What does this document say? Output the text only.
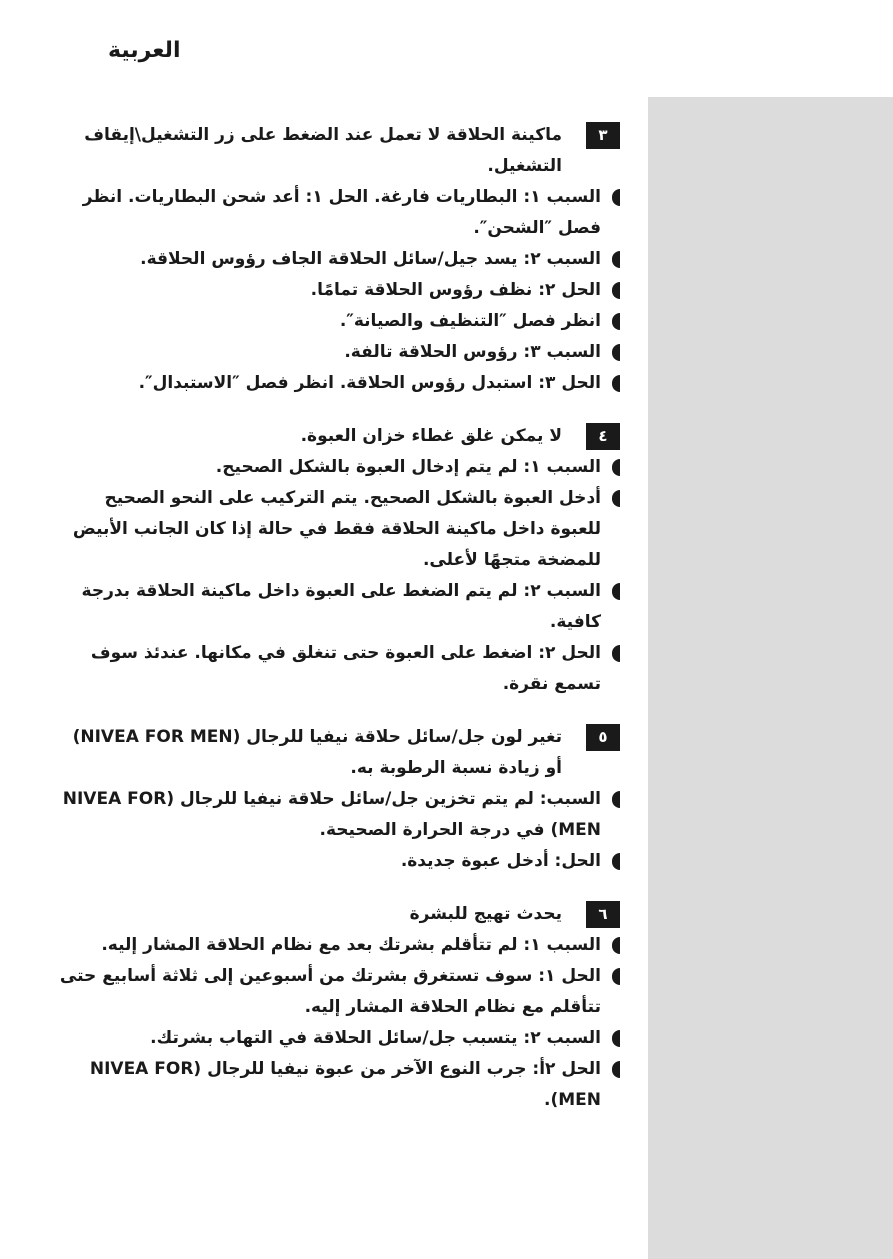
العربية
٣
ماكينة الحلاقة لا تعمل عند الضغط على زر التشغيل\إيقاف التشغيل.
السبب ١: البطاريات فارغة. الحل ١: أعد شحن البطاريات. انظر فصل ″الشحن″.
السبب ٢: يسد جيل/سائل الحلاقة الجاف رؤوس الحلاقة.
الحل ٢: نظف رؤوس الحلاقة تمامًا.
انظر فصل ″التنظيف والصيانة″.
السبب ٣: رؤوس الحلاقة تالفة.
الحل ٣: استبدل رؤوس الحلاقة. انظر فصل ″الاستبدال″.
٤
لا يمكن غلق غطاء خزان العبوة.
السبب ١: لم يتم إدخال العبوة بالشكل الصحيح.
أدخل العبوة بالشكل الصحيح. يتم التركيب على النحو الصحيح للعبوة داخل ماكينة الحلاقة فقط في حالة إذا كان الجانب الأبيض للمضخة متجهًا لأعلى.
السبب ٢: لم يتم الضغط على العبوة داخل ماكينة الحلاقة بدرجة كافية.
الحل ٢: اضغط على العبوة حتى تنغلق في مكانها. عندئذ سوف تسمع نقرة.
٥
تغير لون جل/سائل حلاقة نيفيا للرجال (NIVEA FOR MEN) أو زيادة نسبة الرطوبة به.
السبب: لم يتم تخزين جل/سائل حلاقة نيفيا للرجال (NIVEA FOR MEN) في درجة الحرارة الصحيحة.
الحل: أدخل عبوة جديدة.
٦
يحدث تهيج للبشرة
السبب ١: لم تتأقلم بشرتك بعد مع نظام الحلاقة المشار إليه.
الحل ١: سوف تستغرق بشرتك من أسبوعين إلى ثلاثة أسابيع حتى تتأقلم مع نظام الحلاقة المشار إليه.
السبب ٢: يتسبب جل/سائل الحلاقة في التهاب بشرتك.
الحل ٢أ: جرب النوع الآخر من عبوة نيفيا للرجال (NIVEA FOR MEN).
